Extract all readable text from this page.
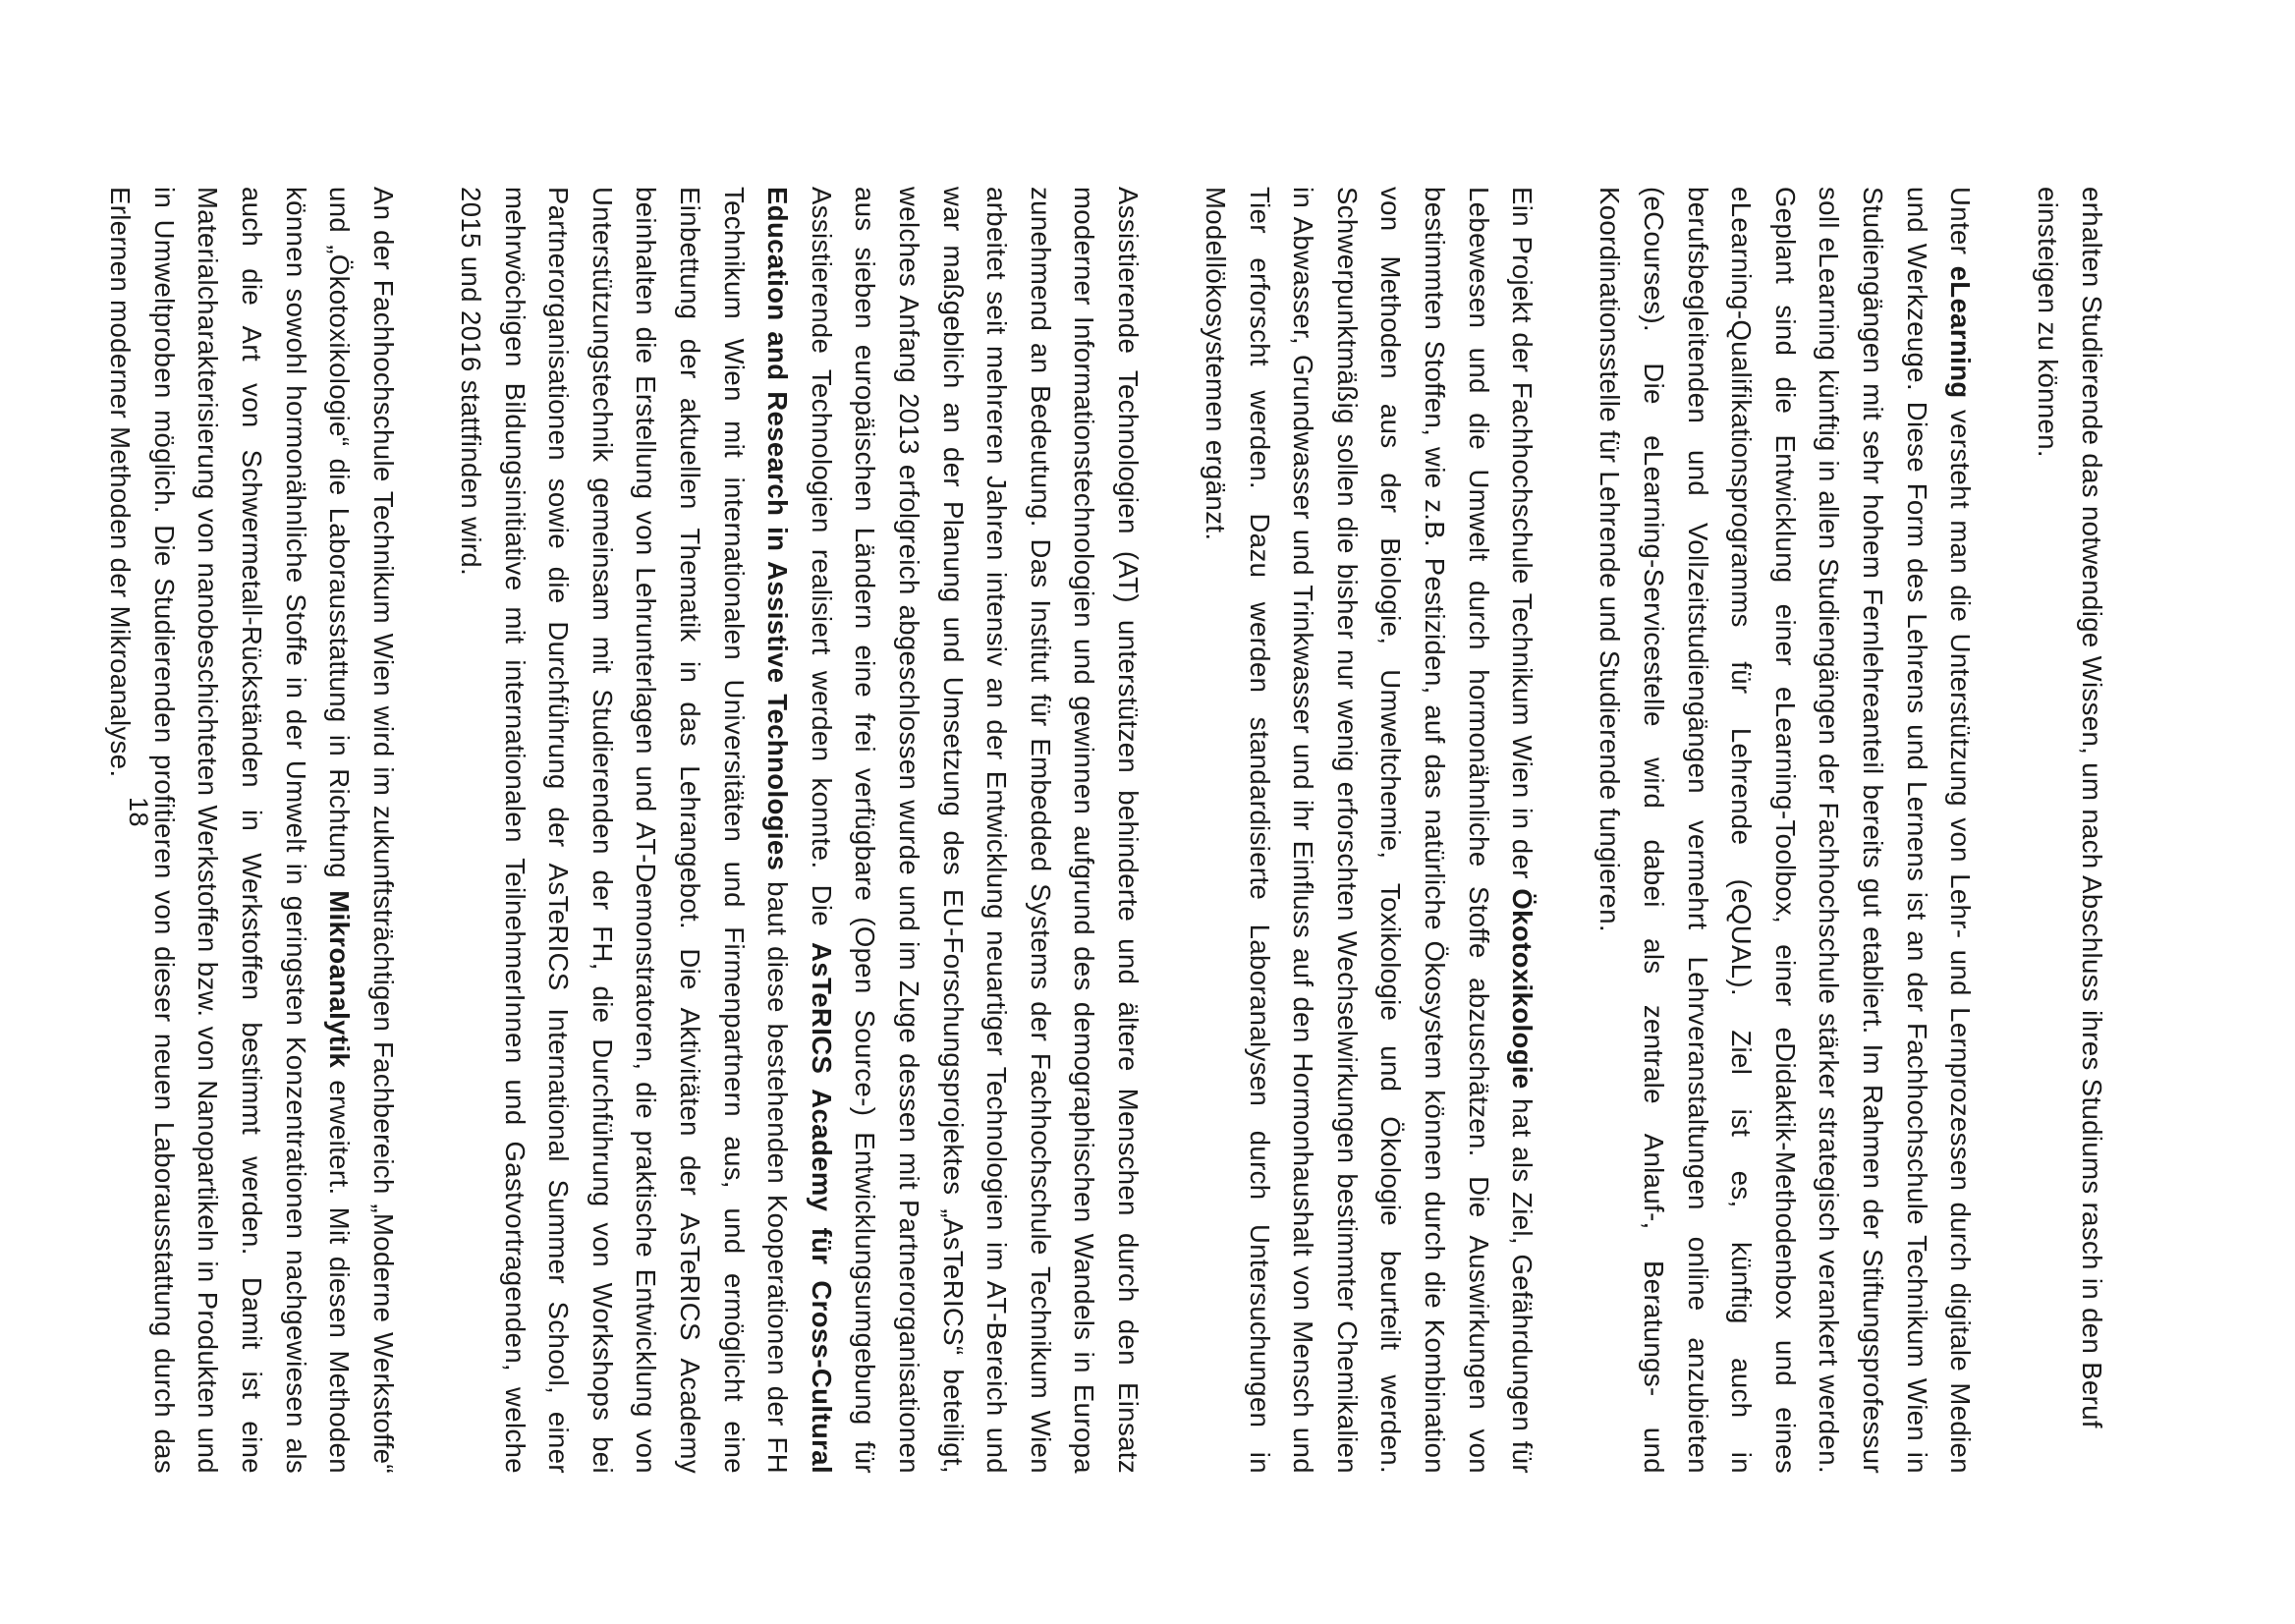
erhalten Studierende das notwendige Wissen, um nach Abschluss ihres Studiums rasch in den Beruf einsteigen zu können.

Unter eLearning versteht man die Unterstützung von Lehr- und Lernprozessen durch digitale Medien und Werkzeuge. Diese Form des Lehrens und Lernens ist an der Fachhochschule Technikum Wien in Studiengängen mit sehr hohem Fernlehreanteil bereits gut etabliert. Im Rahmen der Stiftungsprofessur soll eLearning künftig in allen Studiengängen der Fachhochschule stärker strategisch verankert werden. Geplant sind die Entwicklung einer eLearning-Toolbox, einer eDidaktik-Methodenbox und eines eLearning-Qualifikationsprogramms für Lehrende (eQUAL). Ziel ist es, künftig auch in berufsbegleitenden und Vollzeitstudiengängen vermehrt Lehrveranstaltungen online anzubieten (eCourses). Die eLearning-Servicestelle wird dabei als zentrale Anlauf-, Beratungs- und Koordinationsstelle für Lehrende und Studierende fungieren.

Ein Projekt der Fachhochschule Technikum Wien in der Ökotoxikologie hat als Ziel, Gefährdungen für Lebewesen und die Umwelt durch hormonähnliche Stoffe abzuschätzen. Die Auswirkungen von bestimmten Stoffen, wie z.B. Pestiziden, auf das natürliche Ökosystem können durch die Kombination von Methoden aus der Biologie, Umweltchemie, Toxikologie und Ökologie beurteilt werden. Schwerpunktmäßig sollen die bisher nur wenig erforschten Wechselwirkungen bestimmter Chemikalien in Abwasser, Grundwasser und Trinkwasser und ihr Einfluss auf den Hormonhaushalt von Mensch und Tier erforscht werden. Dazu werden standardisierte Laboranalysen durch Untersuchungen in Modellökosystemen ergänzt.

Assistierende Technologien (AT) unterstützen behinderte und ältere Menschen durch den Einsatz moderner Informationstechnologien und gewinnen aufgrund des demographischen Wandels in Europa zunehmend an Bedeutung. Das Institut für Embedded Systems der Fachhochschule Technikum Wien arbeitet seit mehreren Jahren intensiv an der Entwicklung neuartiger Technologien im AT-Bereich und war maßgeblich an der Planung und Umsetzung des EU-Forschungsprojektes „AsTeRICS“ beteiligt, welches Anfang 2013 erfolgreich abgeschlossen wurde und im Zuge dessen mit Partnerorganisationen aus sieben europäischen Ländern eine frei verfügbare (Open Source-) Entwicklungsumgebung für Assistierende Technologien realisiert werden konnte. Die AsTeRICS Academy für Cross-Cultural Education and Research in Assistive Technologies baut diese bestehenden Kooperationen der FH Technikum Wien mit internationalen Universitäten und Firmenpartnern aus, und ermöglicht eine Einbettung der aktuellen Thematik in das Lehrangebot. Die Aktivitäten der AsTeRICS Academy beinhalten die Erstellung von Lehrunterlagen und AT-Demonstratoren, die praktische Entwicklung von Unterstützungstechnik gemeinsam mit Studierenden der FH, die Durchführung von Workshops bei Partnerorganisationen sowie die Durchführung der AsTeRICS International Summer School, einer mehrwöchigen Bildungsinitiative mit internationalen TeilnehmerInnen und Gastvortragenden, welche 2015 und 2016 stattfinden wird.

An der Fachhochschule Technikum Wien wird im zukunftsträchtigen Fachbereich „Moderne Werkstoffe“ und „Ökotoxikologie“ die Laborausstattung in Richtung Mikroanalytik erweitert. Mit diesen Methoden können sowohl hormonähnliche Stoffe in der Umwelt in geringsten Konzentrationen nachgewiesen als auch die Art von Schwermetall-Rückständen in Werkstoffen bestimmt werden. Damit ist eine Materialcharakterisierung von nanobeschichteten Werkstoffen bzw. von Nanopartikeln in Produkten und in Umweltproben möglich. Die Studierenden profitieren von dieser neuen Laborausstattung durch das Erlernen moderner Methoden der Mikroanalyse.

18
